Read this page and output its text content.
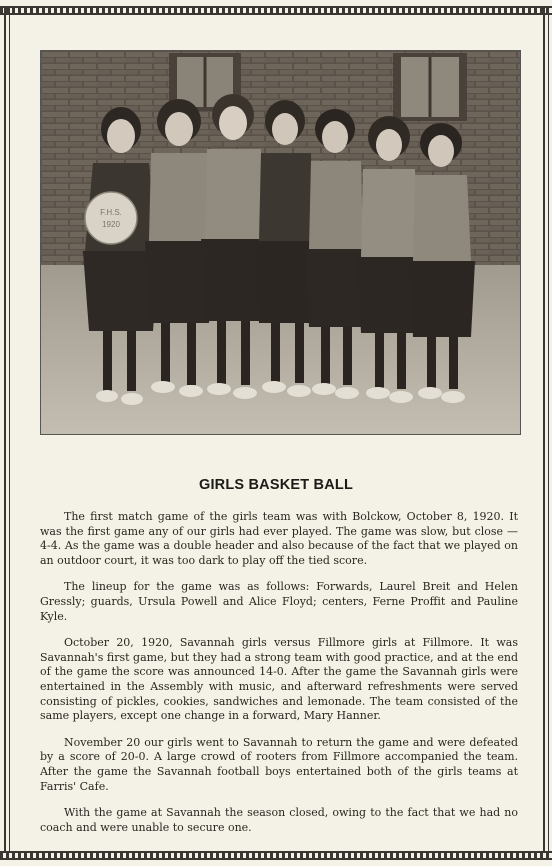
F.H.S.
1920
GIRLS BASKET BALL

The first match game of the girls team was with Bolckow, October 8, 1920. It was the first game any of our girls had ever played. The game was slow, but close —4-4. As the game was a double header and also because of the fact that we played on an outdoor court, it was too dark to play off the tied score.

The lineup for the game was as follows: Forwards, Laurel Breit and Helen Gressly; guards, Ursula Powell and Alice Floyd; centers, Ferne Proffit and Pauline Kyle.

October 20, 1920, Savannah girls versus Fillmore girls at Fillmore. It was Savannah's first game, but they had a strong team with good practice, and at the end of the game the score was announced 14-0. After the game the Savannah girls were entertained in the Assembly with music, and afterward refreshments were served consisting of pickles, cookies, sandwiches and lemonade. The team consisted of the same players, except one change in a forward, Mary Hanner.

November 20 our girls went to Savannah to return the game and were defeated by a score of 20-0. A large crowd of rooters from Fillmore accompanied the team. After the game the Savannah football boys entertained both of the girls teams at Farris' Cafe.

With the game at Savannah the season closed, owing to the fact that we had no coach and were unable to secure one.
